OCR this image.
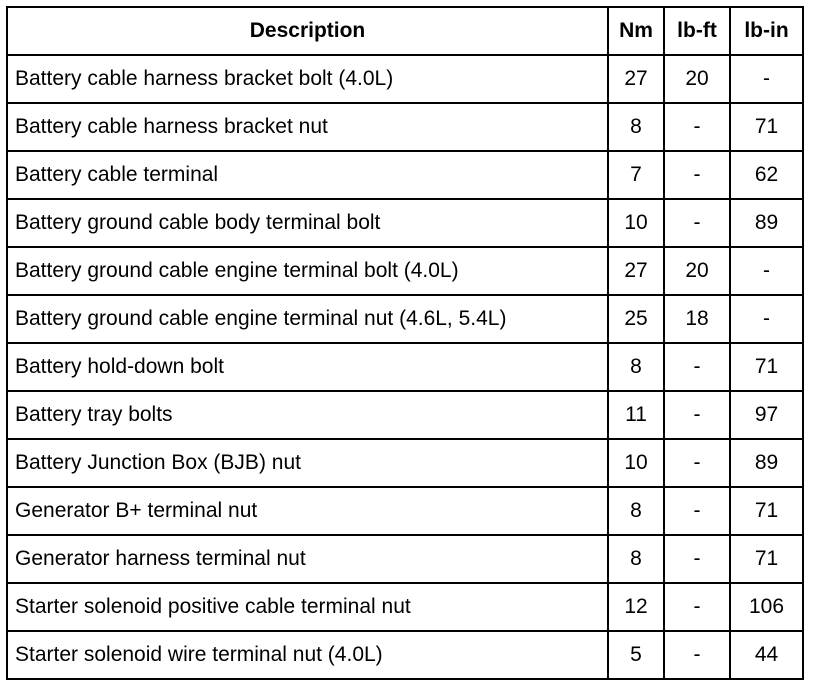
Description	Nm	lb-ft	lb-in
Battery cable harness bracket bolt (4.0L)	27	20	-
Battery cable harness bracket nut	8	-	71
Battery cable terminal	7	-	62
Battery ground cable body terminal bolt	10	-	89
Battery ground cable engine terminal bolt (4.0L)	27	20	-
Battery ground cable engine terminal nut (4.6L, 5.4L)	25	18	-
Battery hold-down bolt	8	-	71
Battery tray bolts	11	-	97
Battery Junction Box (BJB) nut	10	-	89
Generator B+ terminal nut	8	-	71
Generator harness terminal nut	8	-	71
Starter solenoid positive cable terminal nut	12	-	106
Starter solenoid wire terminal nut (4.0L)	5	-	44
